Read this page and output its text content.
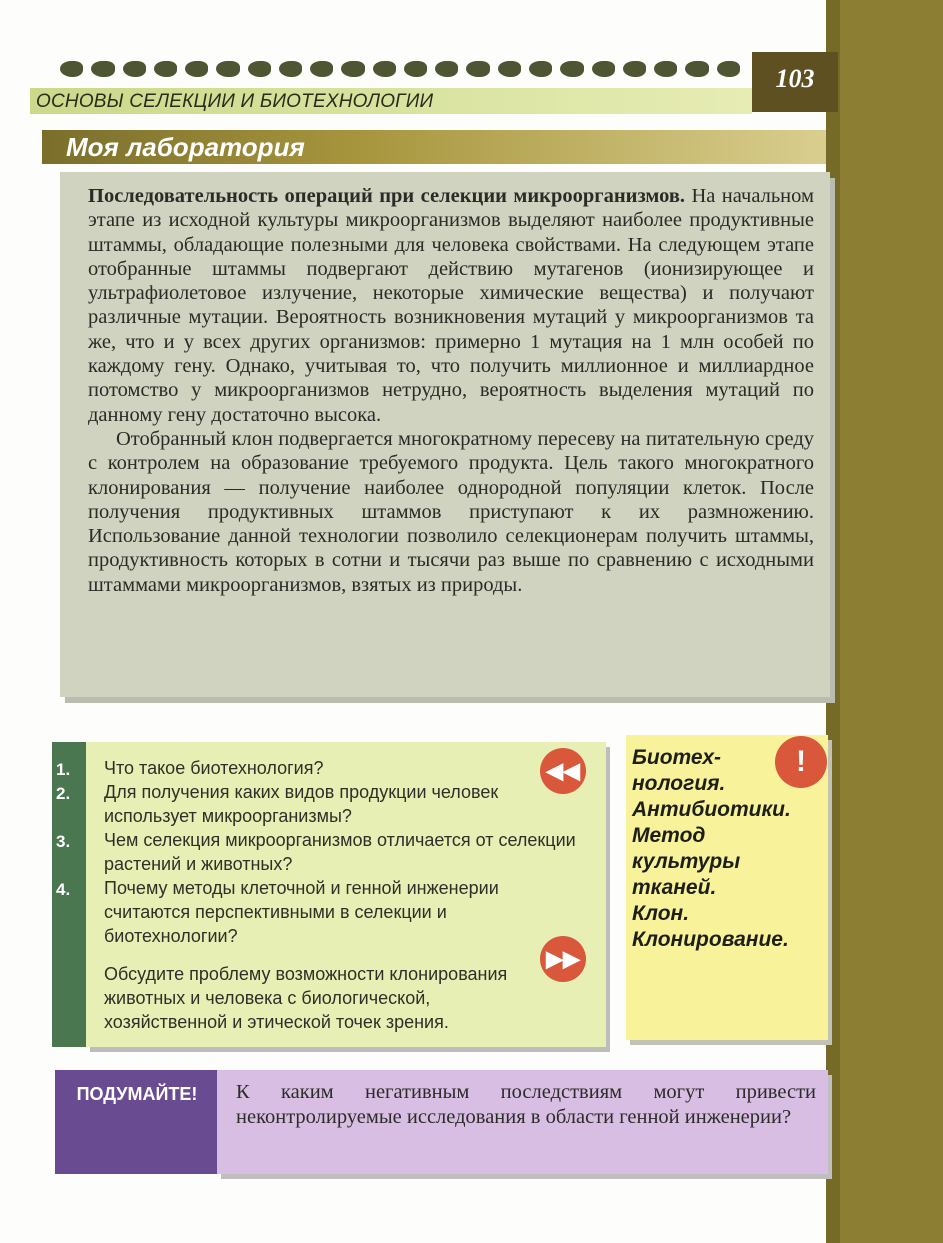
103
ОСНОВЫ СЕЛЕКЦИИ И БИОТЕХНОЛОГИИ
Моя лаборатория

Последовательность операций при селекции микроорганизмов. На начальном этапе из исходной культуры микроорганизмов выделяют наиболее продуктивные штаммы, обладающие полезными для человека свойствами. На следующем этапе отобранные штаммы подвергают действию мутагенов (ионизирующее и ультрафиолетовое излучение, некоторые химические вещества) и получают различные мутации. Вероятность возникновения мутаций у микроорганизмов та же, что и у всех других организмов: примерно 1 мутация на 1 млн особей по каждому гену. Однако, учитывая то, что получить миллионное и миллиардное потомство у микроорганизмов нетрудно, вероятность выделения мутаций по данному гену достаточно высока.

Отобранный клон подвергается многократному пересеву на питательную среду с контролем на образование требуемого продукта. Цель такого многократного клонирования — получение наиболее однородной популяции клеток. После получения продуктивных штаммов приступают к их размножению. Использование данной технологии позволило селекционерам получить штаммы, продуктивность которых в сотни и тысячи раз выше по сравнению с исходными штаммами микроорганизмов, взятых из природы.

1. Что такое биотехнология?

2. Для получения каких видов продукции человек использует микроорганизмы?

3. Чем селекция микроорганизмов отличается от селекции растений и животных?

4. Почему методы клеточной и генной инженерии считаются перспективными в селекции и биотехнологии?

Обсудите проблему возможности клонирования животных и человека с биологической, хозяйственной и этической точек зрения.

◀◀
▶▶
Биотех-
нология.
Антибиотики.
Метод
культуры тканей.
Клон.
Клонирование.
!
ПОДУМАЙТЕ!	К каким негативным последствиям могут привести неконтролируемые исследования в области генной инженерии?
